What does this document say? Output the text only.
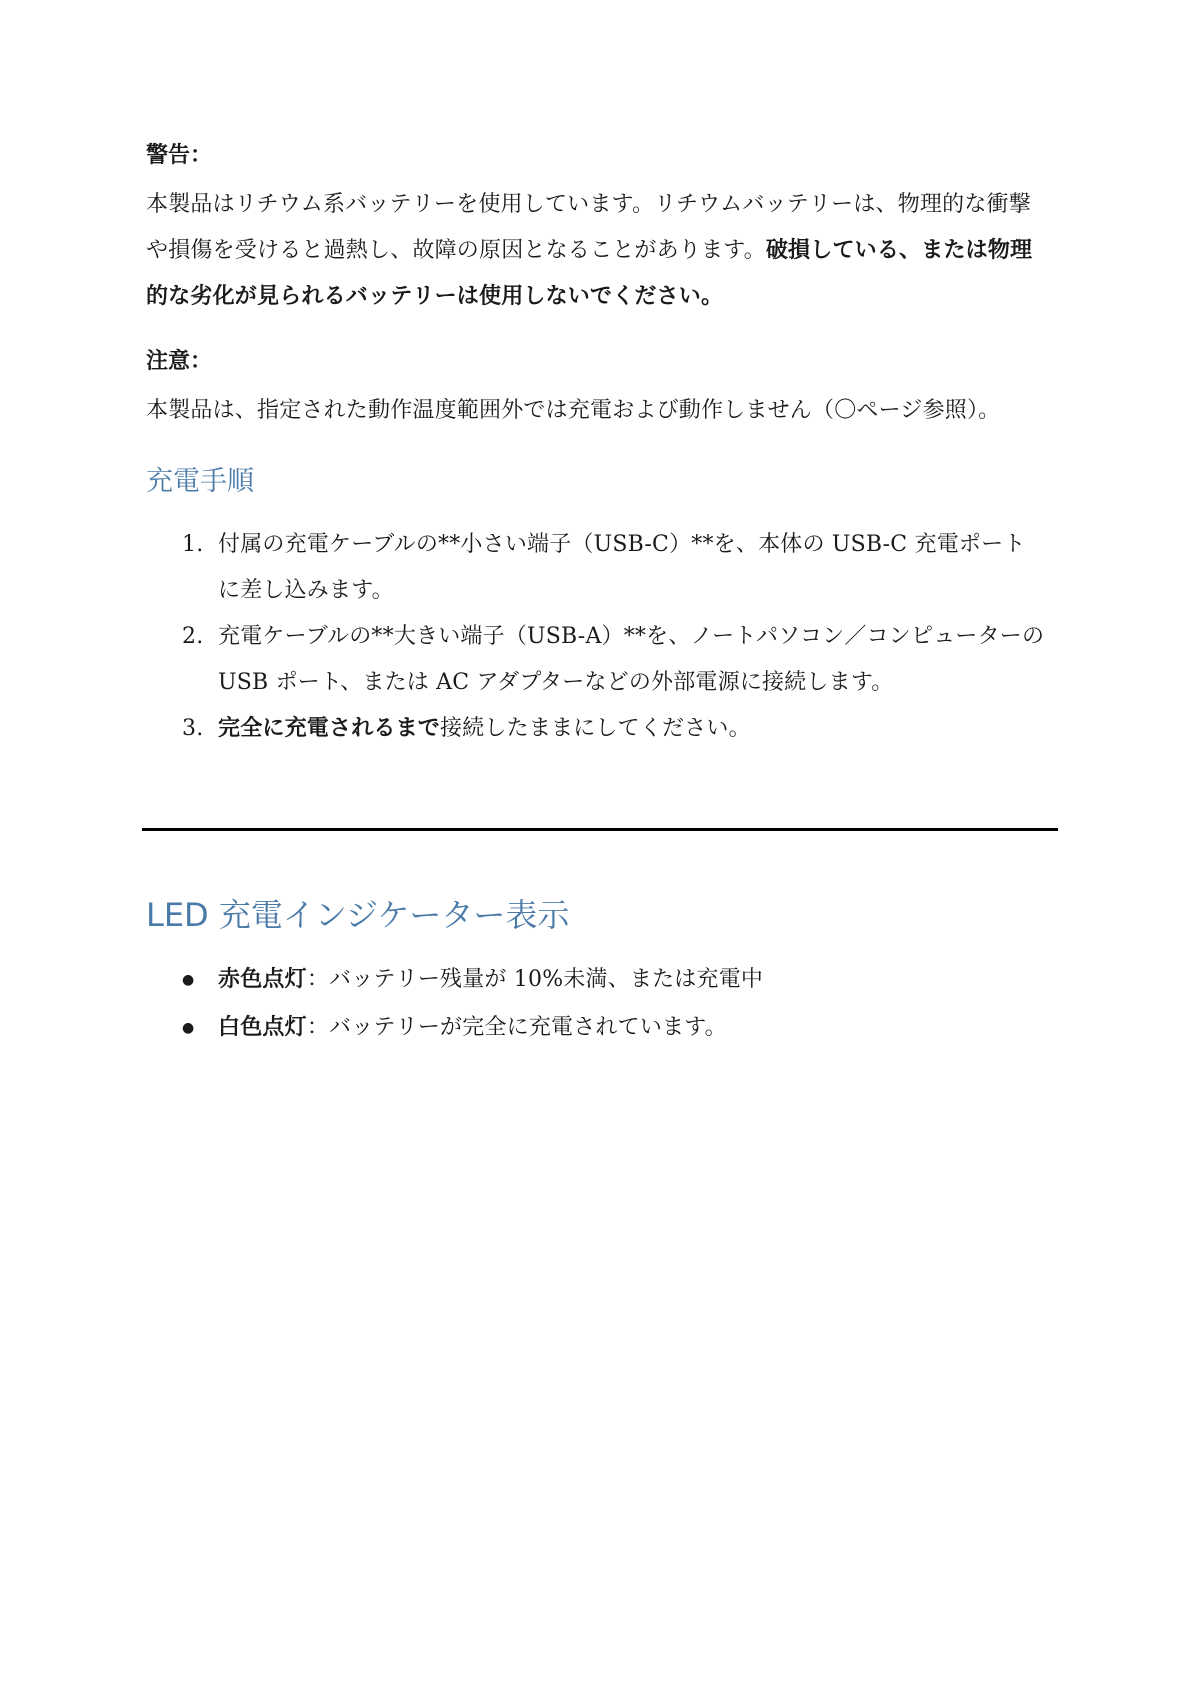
警告：

本製品はリチウム系バッテリーを使用しています。リチウムバッテリーは、物理的な衝撃や損傷を受けると過熱し、故障の原因となることがあります。破損している、または物理的な劣化が見られるバッテリーは使用しないでください。

注意：

本製品は、指定された動作温度範囲外では充電および動作しません（〇ページ参照）。

充電手順
1. 付属の充電ケーブルの**小さい端子（USB-C）**を、本体の USB-C 充電ポートに差し込みます。
2. 充電ケーブルの**大きい端子（USB-A）**を、ノートパソコン／コンピューターの USB ポート、または AC アダプターなどの外部電源に接続します。
3. 完全に充電されるまで接続したままにしてください。
LED 充電インジケーター表示
● 赤色点灯：バッテリー残量が 10%未満、または充電中
● 白色点灯：バッテリーが完全に充電されています。
